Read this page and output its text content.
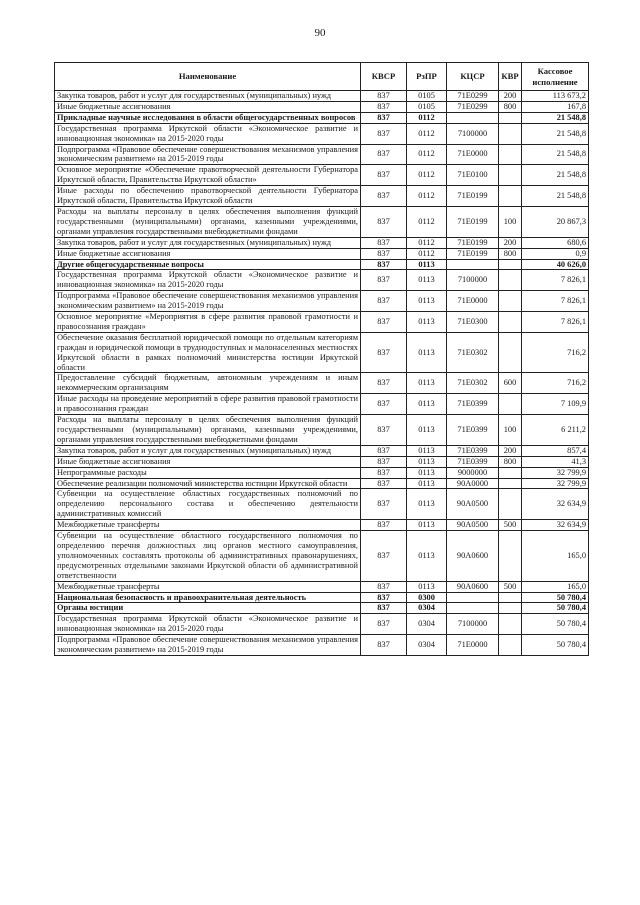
90
Наименование	КВСР	РзПР	КЦСР	КВР	Кассовое исполнение
Закупка товаров, работ и услуг для государственных (муниципальных) нужд	837	0105	71Е0299	200	113 673,2
Иные бюджетные ассигнования	837	0105	71Е0299	800	167,8
Прикладные научные исследования в области общегосударственных вопросов	837	0112			21 548,8
Государственная программа Иркутской области «Экономическое развитие и инновационная экономика» на 2015-2020 годы	837	0112	7100000		21 548,8
Подпрограмма «Правовое обеспечение совершенствования механизмов управления экономическим развитием» на 2015-2019 годы	837	0112	71Е0000		21 548,8
Основное мероприятие «Обеспечение правотворческой деятельности Губернатора Иркутской области, Правительства Иркутской области»	837	0112	71Е0100		21 548,8
Иные расходы по обеспечению правотворческой деятельности Губернатора Иркутской области, Правительства Иркутской области	837	0112	71Е0199		21 548,8
Расходы на выплаты персоналу в целях обеспечения выполнения функций государственными (муниципальными) органами, казенными учреждениями, органами управления государственными внебюджетными фондами	837	0112	71Е0199	100	20 867,3
Закупка товаров, работ и услуг для государственных (муниципальных) нужд	837	0112	71Е0199	200	680,6
Иные бюджетные ассигнования	837	0112	71Е0199	800	0,9
Другие общегосударственные вопросы	837	0113			40 626,0
Государственная программа Иркутской области «Экономическое развитие и инновационная экономика» на 2015-2020 годы	837	0113	7100000		7 826,1
Подпрограмма «Правовое обеспечение совершенствования механизмов управления экономическим развитием» на 2015-2019 годы	837	0113	71Е0000		7 826,1
Основное мероприятие «Мероприятия в сфере развития правовой грамотности и правосознания граждан»	837	0113	71Е0300		7 826,1
Обеспечение оказания бесплатной юридической помощи по отдельным категориям граждан и юридической помощи в труднодоступных и малонаселенных местностях Иркутской области в рамках полномочий министерства юстиции Иркутской области	837	0113	71Е0302		716,2
Предоставление субсидий бюджетным, автономным учреждениям и иным некоммерческим организациям	837	0113	71Е0302	600	716,2
Иные расходы на проведение мероприятий в сфере развития правовой грамотности и правосознания граждан	837	0113	71Е0399		7 109,9
Расходы на выплаты персоналу в целях обеспечения выполнения функций государственными (муниципальными) органами, казенными учреждениями, органами управления государственными внебюджетными фондами	837	0113	71Е0399	100	6 211,2
Закупка товаров, работ и услуг для государственных (муниципальных) нужд	837	0113	71Е0399	200	857,4
Иные бюджетные ассигнования	837	0113	71Е0399	800	41,3
Непрограммные расходы	837	0113	9000000		32 799,9
Обеспечение реализации полномочий министерства юстиции Иркутской области	837	0113	90А0000		32 799,9
Субвенции на осуществление областных государственных полномочий по определению персонального состава и обеспечению деятельности административных комиссий	837	0113	90А0500		32 634,9
Межбюджетные трансферты	837	0113	90А0500	500	32 634,9
Субвенции на осуществление областного государственного полномочия по определению перечня должностных лиц органов местного самоуправления, уполномоченных составлять протоколы об административных правонарушениях, предусмотренных отдельными законами Иркутской области об административной ответственности	837	0113	90А0600		165,0
Межбюджетные трансферты	837	0113	90А0600	500	165,0
Национальная безопасность и правоохранительная деятельность	837	0300			50 780,4
Органы юстиции	837	0304			50 780,4
Государственная программа Иркутской области «Экономическое развитие и инновационная экономика» на 2015-2020 годы	837	0304	7100000		50 780,4
Подпрограмма «Правовое обеспечение совершенствования механизмов управления экономическим развитием» на 2015-2019 годы	837	0304	71Е0000		50 780,4
